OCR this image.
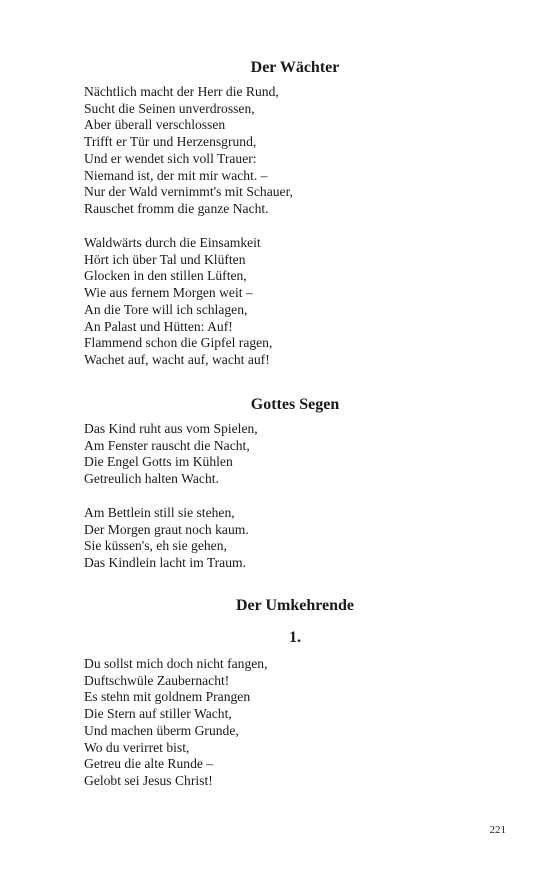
Der Wächter
Nächtlich macht der Herr die Rund,
Sucht die Seinen unverdrossen,
Aber überall verschlossen
Trifft er Tür und Herzensgrund,
Und er wendet sich voll Trauer:
Niemand ist, der mit mir wacht. –
Nur der Wald vernimmt's mit Schauer,
Rauschet fromm die ganze Nacht.
Waldwärts durch die Einsamkeit
Hört ich über Tal und Klüften
Glocken in den stillen Lüften,
Wie aus fernem Morgen weit –
An die Tore will ich schlagen,
An Palast und Hütten: Auf!
Flammend schon die Gipfel ragen,
Wachet auf, wacht auf, wacht auf!
Gottes Segen
Das Kind ruht aus vom Spielen,
Am Fenster rauscht die Nacht,
Die Engel Gotts im Kühlen
Getreulich halten Wacht.
Am Bettlein still sie stehen,
Der Morgen graut noch kaum.
Sie küssen's, eh sie gehen,
Das Kindlein lacht im Traum.
Der Umkehrende
1.
Du sollst mich doch nicht fangen,
Duftschwüle Zaubernacht!
Es stehn mit goldnem Prangen
Die Stern auf stiller Wacht,
Und machen überm Grunde,
Wo du verirret bist,
Getreu die alte Runde –
Gelobt sei Jesus Christ!
221
